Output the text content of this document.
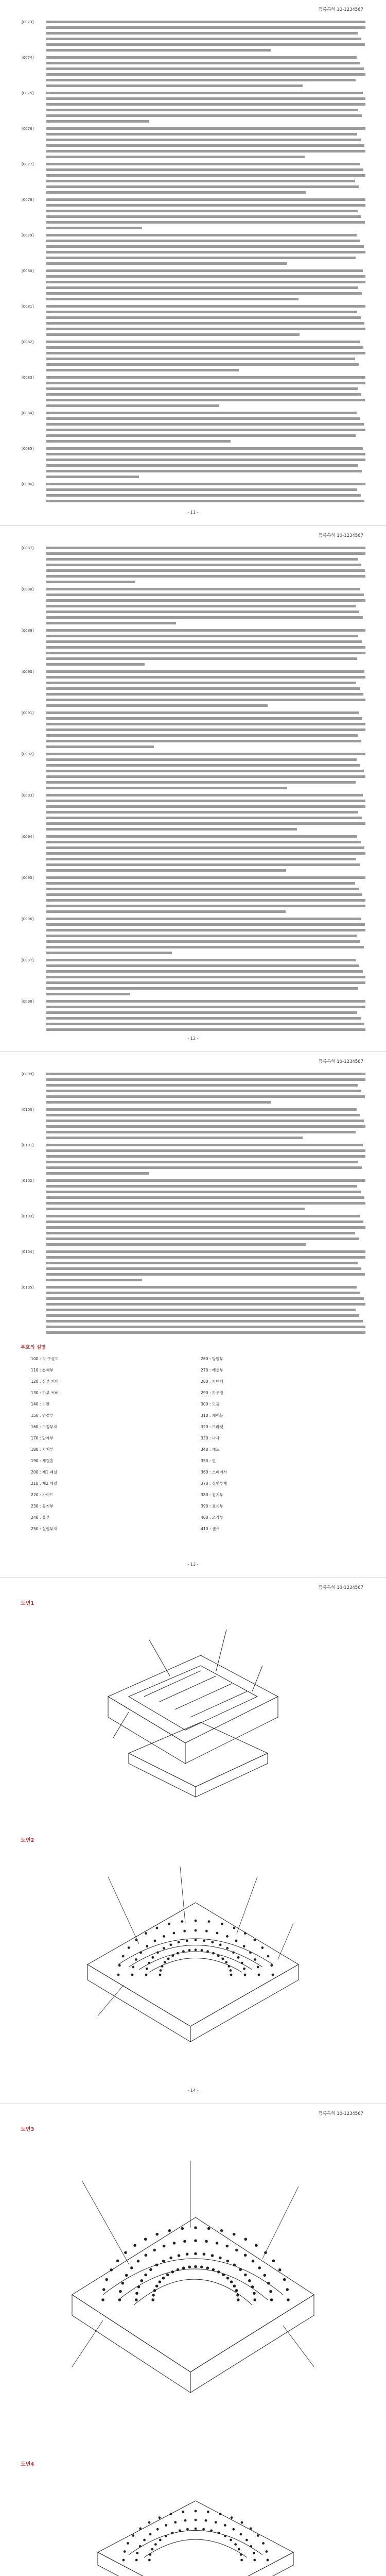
등록특허 10-1234567
[0073]
[0074]
[0075]
[0076]
[0077]
[0078]
[0079]
[0080]
[0081]
[0082]
[0083]
[0084]
[0085]
[0086]
- 11 -
등록특허 10-1234567
[0087]
[0088]
[0089]
[0090]
[0091]
[0092]
[0093]
[0094]
[0095]
[0096]
[0097]
[0098]
- 12 -
등록특허 10-1234567
[0099]
[0100]
[0101]
[0102]
[0103]
[0104]
[0105]
부호의 설명
100 : 의 구성도
110 : 본체부
120 : 상부 커버
130 : 하부 커버
140 : 기판
150 : 연결부
160 : 고정부재
170 : 단자부
180 : 지지부
190 : 체결홀
200 : 제1 패널
210 : 제2 패널
220 : 가이드
230 : 돌기부
240 : 홈부
250 : 실링부재
260 : 방열부
270 : 배선부
280 : 커넥터
290 : 하우징
300 : 모듈
310 : 케이블
320 : 브라켓
330 : 나사
340 : 패드
350 : 핀
360 : 스페이서
370 : 절연부재
380 : 접지부
390 : 표시부
400 : 조작부
410 : 센서
- 13 -
등록특허 10-1234567
도면1
도면2
- 14 -
등록특허 10-1234567
도면3
도면4
